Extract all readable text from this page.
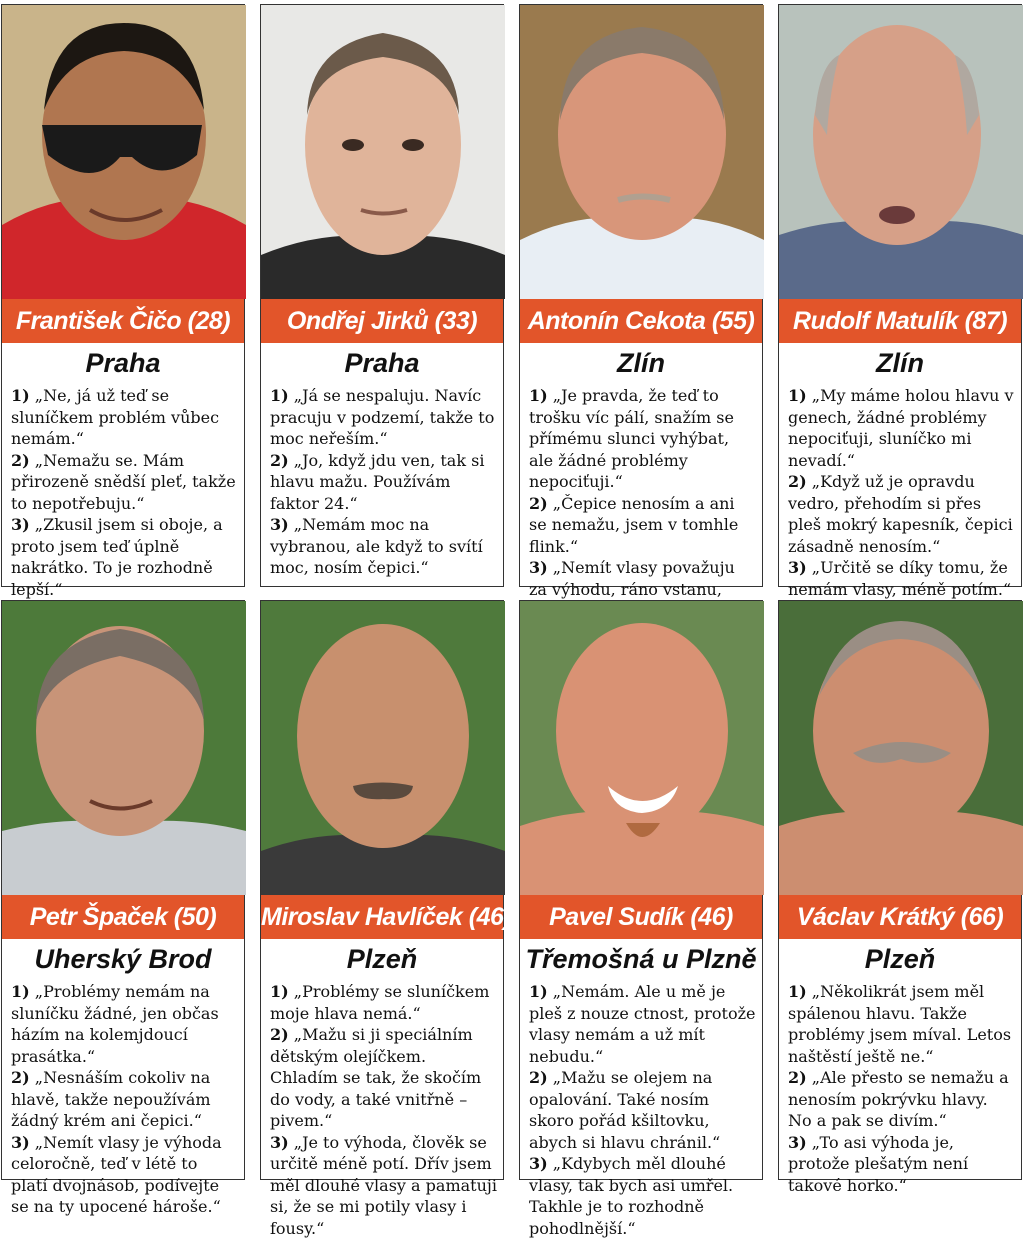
František Čičo (28)
Praha
1) „Ne, já už teď se sluníčkem problém vůbec nemám.“
2) „Nemažu se. Mám přirozeně snědší pleť, takže to nepotřebuju.“
3) „Zkusil jsem si oboje, a proto jsem teď úplně nakrátko. To je rozhodně lepší.“
Ondřej Jirků (33)
Praha
1) „Já se nespaluju. Navíc pracuju v podzemí, takže to moc neřeším.“
2) „Jo, když jdu ven, tak si hlavu mažu. Používám faktor 24.“
3) „Nemám moc na vybranou, ale když to svítí moc, nosím čepici.“
Antonín Cekota (55)
Zlín
1) „Je pravda, že teď to trošku víc pálí, snažím se přímému slunci vyhýbat, ale žádné problémy nepociťuji.“
2) „Čepice nenosím a ani se nemažu, jsem v tomhle flink.“
3) „Nemít vlasy považuju za výhodu, ráno vstanu,
Rudolf Matulík (87)
Zlín
1) „My máme holou hlavu v genech, žádné problémy nepociťuji, sluníčko mi nevadí.“
2) „Když už je opravdu vedro, přehodím si přes pleš mokrý kapesník, čepici zásadně nenosím.“
3) „Určitě se díky tomu, že nemám vlasy, méně potím.“
Petr Špaček (50)
Uherský Brod
1) „Problémy nemám na sluníčku žádné, jen občas házím na kolemjdoucí prasátka.“
2) „Nesnáším cokoliv na hlavě, takže nepoužívám žádný krém ani čepici.“
3) „Nemít vlasy je výhoda celoročně, teď v létě to platí dvojnásob, podívejte se na ty upocené hároše.“
Miroslav Havlíček (46)
Plzeň
1) „Problémy se sluníčkem moje hlava nemá.“
2) „Mažu si ji speciálním dětským olejíčkem. Chladím se tak, že skočím do vody, a také vnitřně – pivem.“
3) „Je to výhoda, člověk se určitě méně potí. Dřív jsem měl dlouhé vlasy a pamatuji si, že se mi potily vlasy i fousy.“
Pavel Sudík (46)
Třemošná u Plzně
1) „Nemám. Ale u mě je pleš z nouze ctnost, protože vlasy nemám a už mít nebudu.“
2) „Mažu se olejem na opalování. Také nosím skoro pořád kšiltovku, abych si hlavu chránil.“
3) „Kdybych měl dlouhé vlasy, tak bych asi umřel. Takhle je to rozhodně pohodlnější.“
Václav Krátký (66)
Plzeň
1) „Několikrát jsem měl spálenou hlavu. Takže problémy jsem míval. Letos naštěstí ještě ne.“
2) „Ale přesto se nemažu a nenosím pokrývku hlavy. No a pak se divím.“
3) „To asi výhoda je, protože plešatým není takové horko.“
